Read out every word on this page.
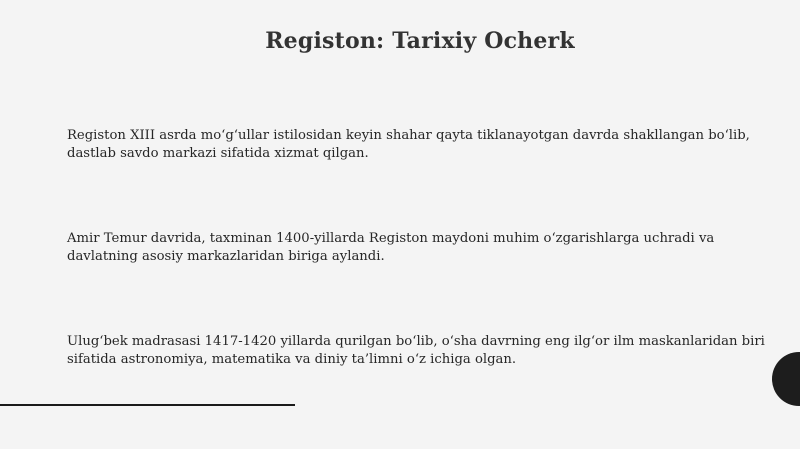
Registon: Tarixiy Ocherk

Registon XIII asrda mo‘g‘ullar istilosidan keyin shahar qayta tiklanayotgan davrda shakllangan bo‘lib, dastlab savdo markazi sifatida xizmat qilgan.

Amir Temur davrida, taxminan 1400-yillarda Registon maydoni muhim o‘zgarishlarga uchradi va davlatning asosiy markazlaridan biriga aylandi.

Ulug‘bek madrasasi 1417-1420 yillarda qurilgan bo‘lib, o‘sha davrning eng ilg‘or ilm maskanlaridan biri sifatida astronomiya, matematika va diniy ta’limni o‘z ichiga olgan.
